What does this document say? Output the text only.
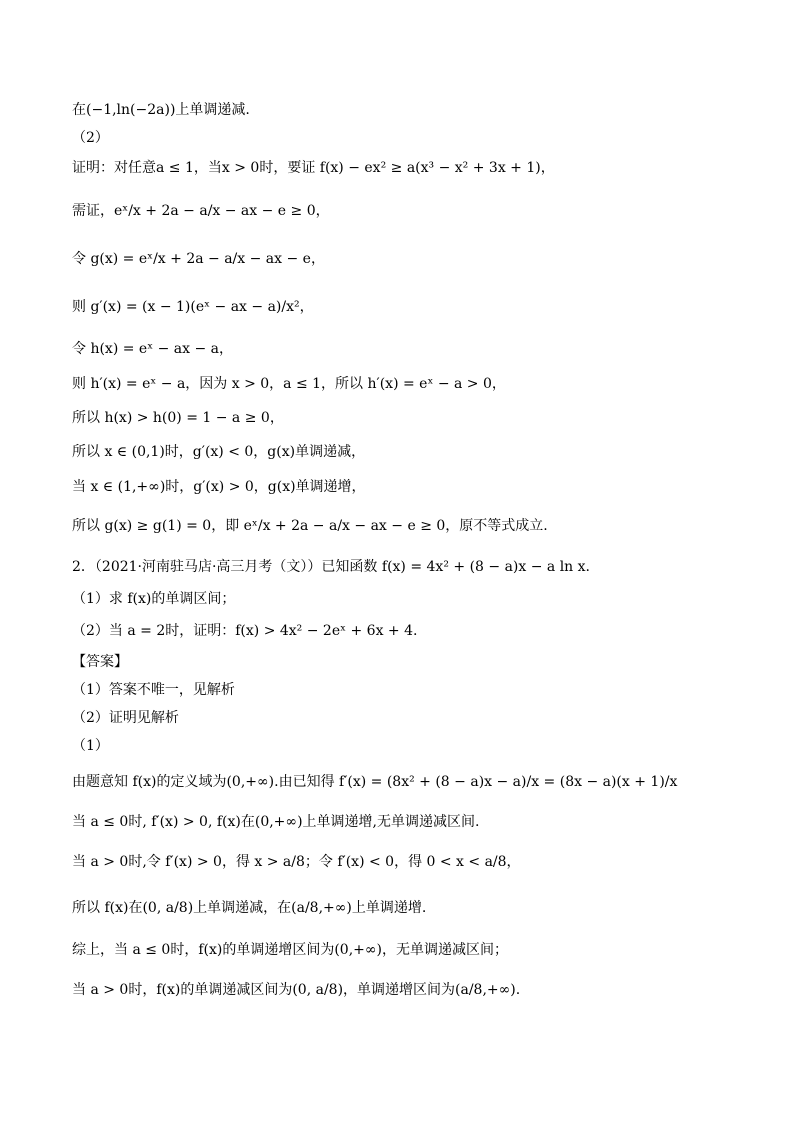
在(−1,ln(−2a))上单调递减.
（2）
证明：对任意a ≤ 1，当x > 0时，要证 f(x) − ex² ≥ a(x³ − x² + 3x + 1)，
需证，eˣ/x + 2a − a/x − ax − e ≥ 0，
令 g(x) = eˣ/x + 2a − a/x − ax − e，
则 g′(x) = (x − 1)(eˣ − ax − a)/x²，
令 h(x) = eˣ − ax − a，
则 h′(x) = eˣ − a，因为 x > 0，a ≤ 1，所以 h′(x) = eˣ − a > 0，
所以 h(x) > h(0) = 1 − a ≥ 0，
所以 x ∈ (0,1)时，g′(x) < 0，g(x)单调递减，
当 x ∈ (1,+∞)时，g′(x) > 0，g(x)单调递增，
所以 g(x) ≥ g(1) = 0，即 eˣ/x + 2a − a/x − ax − e ≥ 0，原不等式成立.
2．（2021·河南驻马店·高三月考（文））已知函数 f(x) = 4x² + (8 − a)x − a ln x.
（1）求 f(x)的单调区间；
（2）当 a = 2时，证明：f(x) > 4x² − 2eˣ + 6x + 4.
【答案】
（1）答案不唯一，见解析
（2）证明见解析
（1）
由题意知 f(x)的定义域为(0,+∞).由已知得 f′(x) = (8x² + (8 − a)x − a)/x = (8x − a)(x + 1)/x
当 a ≤ 0时, f′(x) > 0, f(x)在(0,+∞)上单调递增,无单调递减区间.
当 a > 0时,令 f′(x) > 0，得 x > a/8；令 f′(x) < 0，得 0 < x < a/8，
所以 f(x)在(0, a/8)上单调递减，在(a/8,+∞)上单调递增.
综上，当 a ≤ 0时，f(x)的单调递增区间为(0,+∞)，无单调递减区间；
当 a > 0时，f(x)的单调递减区间为(0, a/8)，单调递增区间为(a/8,+∞).
